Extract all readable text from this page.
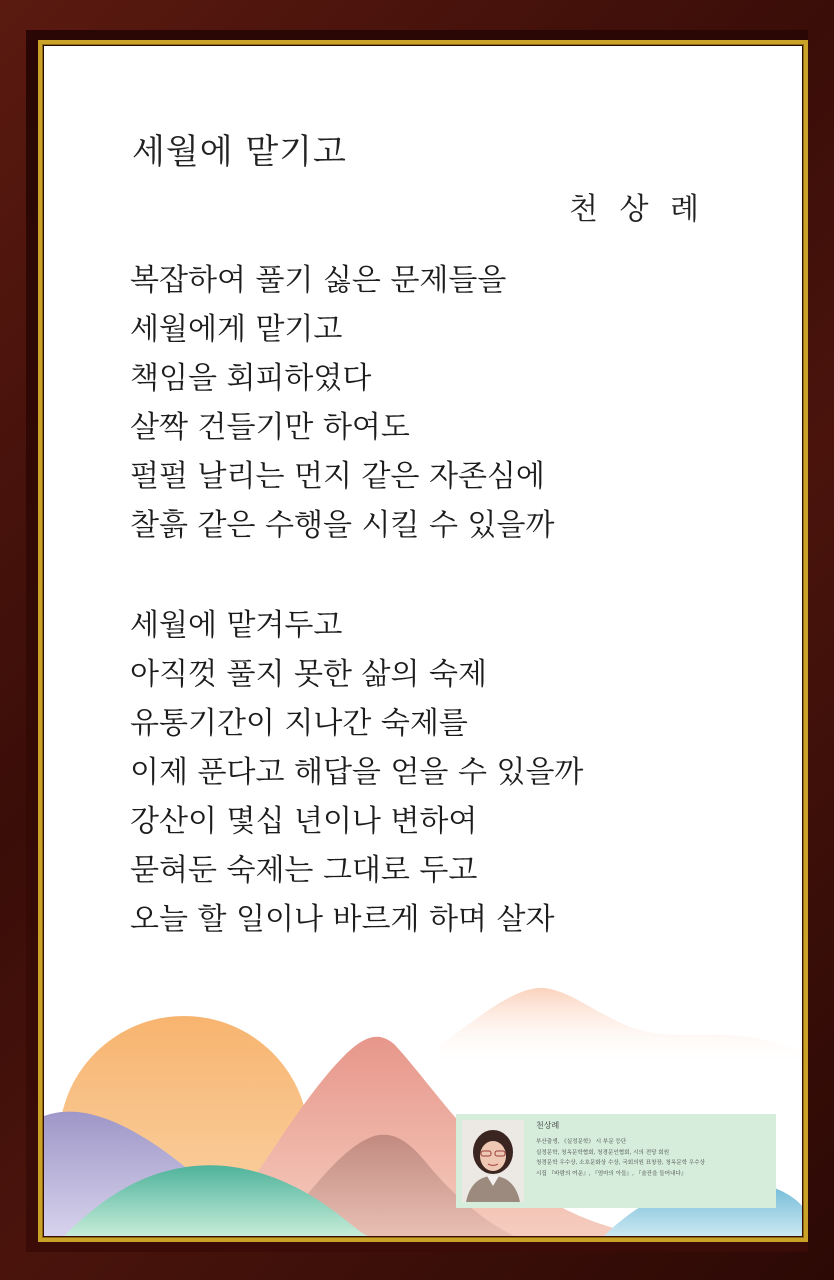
세월에 맡기고
천 상 례
복잡하여 풀기 싫은 문제들을
세월에게 맡기고
책임을 회피하였다
살짝 건들기만 하여도
펄펄 날리는 먼지 같은 자존심에
찰흙 같은 수행을 시킬 수 있을까
세월에 맡겨두고
아직껏 풀지 못한 삶의 숙제
유통기간이 지나간 숙제를
이제 푼다고 해답을 얻을 수 있을까
강산이 몇십 년이나 변하여
묻혀둔 숙제는 그대로 두고
오늘 할 일이나 바르게 하며 살자
천상례
부산출생, 《실정문학》 시 부문 등단
실정문학, 청옥문학협회, 청경문인협회, 시의 전당 회원
청경문학 우수상, 소호문화상 수상, 국회의원 표창장, 청옥문학 우수상
시집 『바람의 여운』, 『엄마의 아들』, 『술잔을 들어내다』
